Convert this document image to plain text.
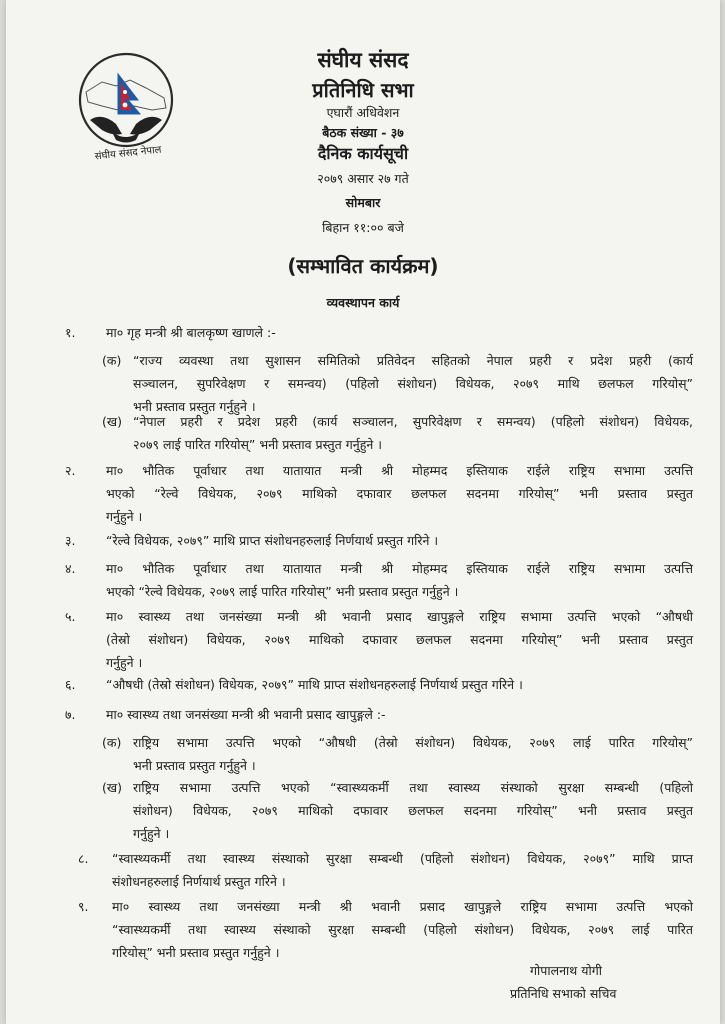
संघीय संसद नेपाल
संघीय संसद
प्रतिनिधि सभा
एघारौं अधिवेशन
बैठक संख्या - ३७
दैनिक कार्यसूची
२०७९ असार २७ गते
सोमबार
बिहान ११:०० बजे
(सम्भावित कार्यक्रम)
व्यवस्थापन कार्य
१. मा० गृह मन्त्री श्री बालकृष्ण खाणले :-
(क) “राज्य व्यवस्था तथा सुशासन समितिको प्रतिवेदन सहितको नेपाल प्रहरी र प्रदेश प्रहरी (कार्य
सञ्चालन, सुपरिवेक्षण र समन्वय) (पहिलो संशोधन) विधेयक, २०७९ माथि छलफल गरियोस्”
भनी प्रस्ताव प्रस्तुत गर्नुहुने ।
(ख) “नेपाल प्रहरी र प्रदेश प्रहरी (कार्य सञ्चालन, सुपरिवेक्षण र समन्वय) (पहिलो संशोधन) विधेयक,
२०७९ लाई पारित गरियोस्” भनी प्रस्ताव प्रस्तुत गर्नुहुने ।
२. मा० भौतिक पूर्वाधार तथा यातायात मन्त्री श्री मोहम्मद इस्तियाक राईले राष्ट्रिय सभामा उत्पत्ति
भएको “रेल्वे विधेयक, २०७९ माथिको दफावार छलफल सदनमा गरियोस्” भनी प्रस्ताव प्रस्तुत
गर्नुहुने ।
३. “रेल्वे विधेयक, २०७९” माथि प्राप्त संशोधनहरुलाई निर्णयार्थ प्रस्तुत गरिने ।
४. मा० भौतिक पूर्वाधार तथा यातायात मन्त्री श्री मोहम्मद इस्तियाक राईले राष्ट्रिय सभामा उत्पत्ति
भएको “रेल्वे विधेयक, २०७९ लाई पारित गरियोस्” भनी प्रस्ताव प्रस्तुत गर्नुहुने ।
५. मा० स्वास्थ्य तथा जनसंख्या मन्त्री श्री भवानी प्रसाद खापुङ्गले राष्ट्रिय सभामा उत्पत्ति भएको “औषधी
(तेस्रो संशोधन) विधेयक, २०७९ माथिको दफावार छलफल सदनमा गरियोस्” भनी प्रस्ताव प्रस्तुत
गर्नुहुने ।
६. “औषधी (तेस्रो संशोधन) विधेयक, २०७९” माथि प्राप्त संशोधनहरुलाई निर्णयार्थ प्रस्तुत गरिने ।
७. मा० स्वास्थ्य तथा जनसंख्या मन्त्री श्री भवानी प्रसाद खापुङ्गले :-
(क) राष्ट्रिय सभामा उत्पत्ति भएको “औषधी (तेस्रो संशोधन) विधेयक, २०७९ लाई पारित गरियोस्”
भनी प्रस्ताव प्रस्तुत गर्नुहुने ।
(ख) राष्ट्रिय सभामा उत्पत्ति भएको “स्वास्थ्यकर्मी तथा स्वास्थ्य संस्थाको सुरक्षा सम्बन्धी (पहिलो
संशोधन) विधेयक, २०७९ माथिको दफावार छलफल सदनमा गरियोस्” भनी प्रस्ताव प्रस्तुत
गर्नुहुने ।
८. “स्वास्थ्यकर्मी तथा स्वास्थ्य संस्थाको सुरक्षा सम्बन्धी (पहिलो संशोधन) विधेयक, २०७९” माथि प्राप्त
संशोधनहरुलाई निर्णयार्थ प्रस्तुत गरिने ।
९. मा० स्वास्थ्य तथा जनसंख्या मन्त्री श्री भवानी प्रसाद खापुङ्गले राष्ट्रिय सभामा उत्पत्ति भएको
“स्वास्थ्यकर्मी तथा स्वास्थ्य संस्थाको सुरक्षा सम्बन्धी (पहिलो संशोधन) विधेयक, २०७९ लाई पारित
गरियोस्” भनी प्रस्ताव प्रस्तुत गर्नुहुने ।
गोपालनाथ योगी
प्रतिनिधि सभाको सचिव
